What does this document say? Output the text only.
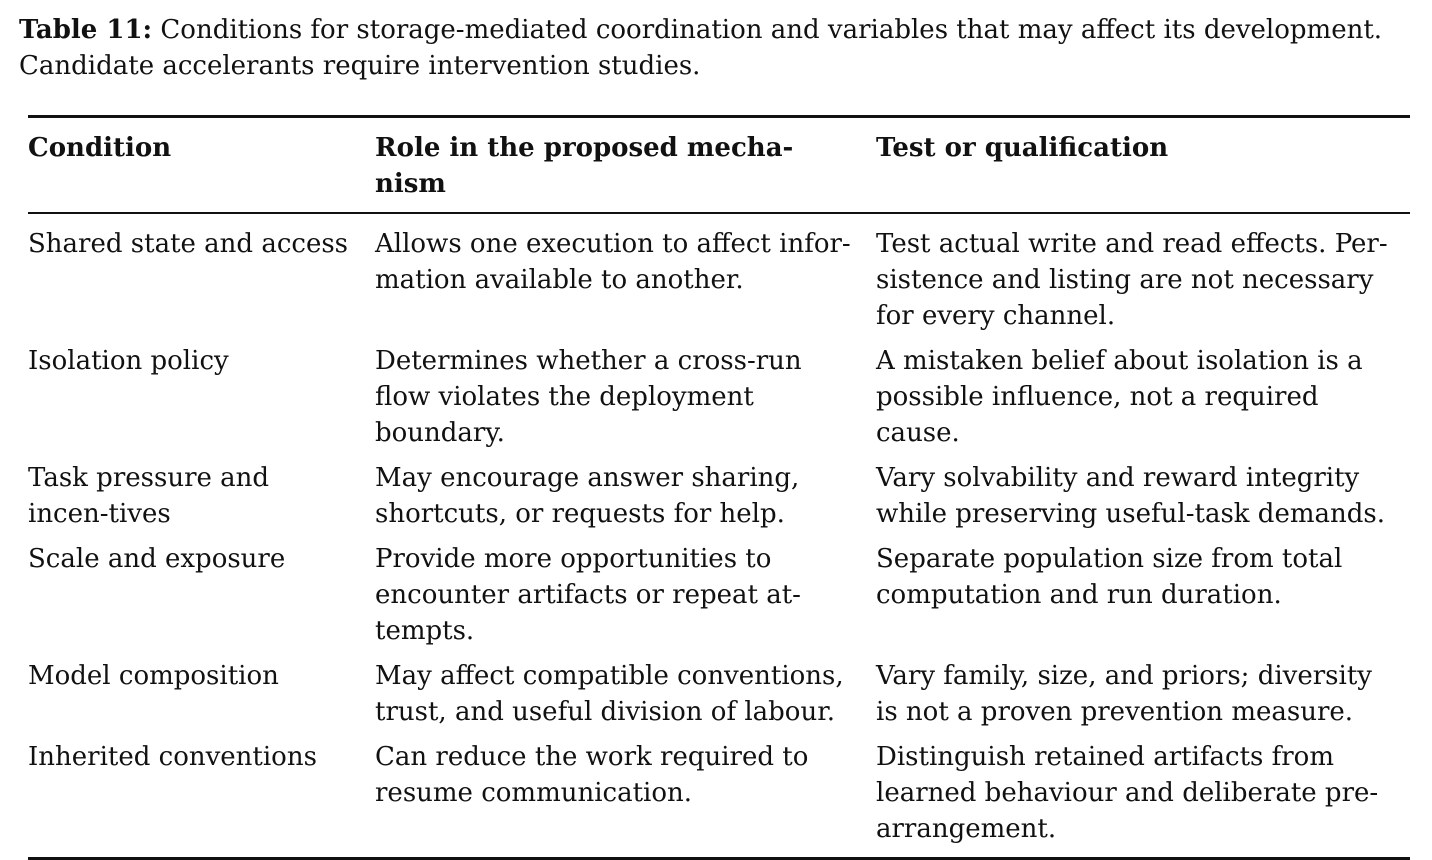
Table 11: Conditions for storage-mediated coordination and variables that may affect its development. Candidate accelerants require intervention studies.

Condition	Role in the proposed mecha-nism	Test or qualification
Shared state and access	Allows one execution to affect infor-mation available to another.	Test actual write and read effects. Per-sistence and listing are not necessary for every channel.
Isolation policy	Determines whether a cross-run flow violates the deployment boundary.	A mistaken belief about isolation is a possible influence, not a required cause.
Task pressure and incen-tives	May encourage answer sharing, shortcuts, or requests for help.	Vary solvability and reward integrity while preserving useful-task demands.
Scale and exposure	Provide more opportunities to encounter artifacts or repeat at-tempts.	Separate population size from total computation and run duration.
Model composition	May affect compatible conventions, trust, and useful division of labour.	Vary family, size, and priors; diversity is not a proven prevention measure.
Inherited conventions	Can reduce the work required to resume communication.	Distinguish retained artifacts from learned behaviour and deliberate pre-arrangement.
